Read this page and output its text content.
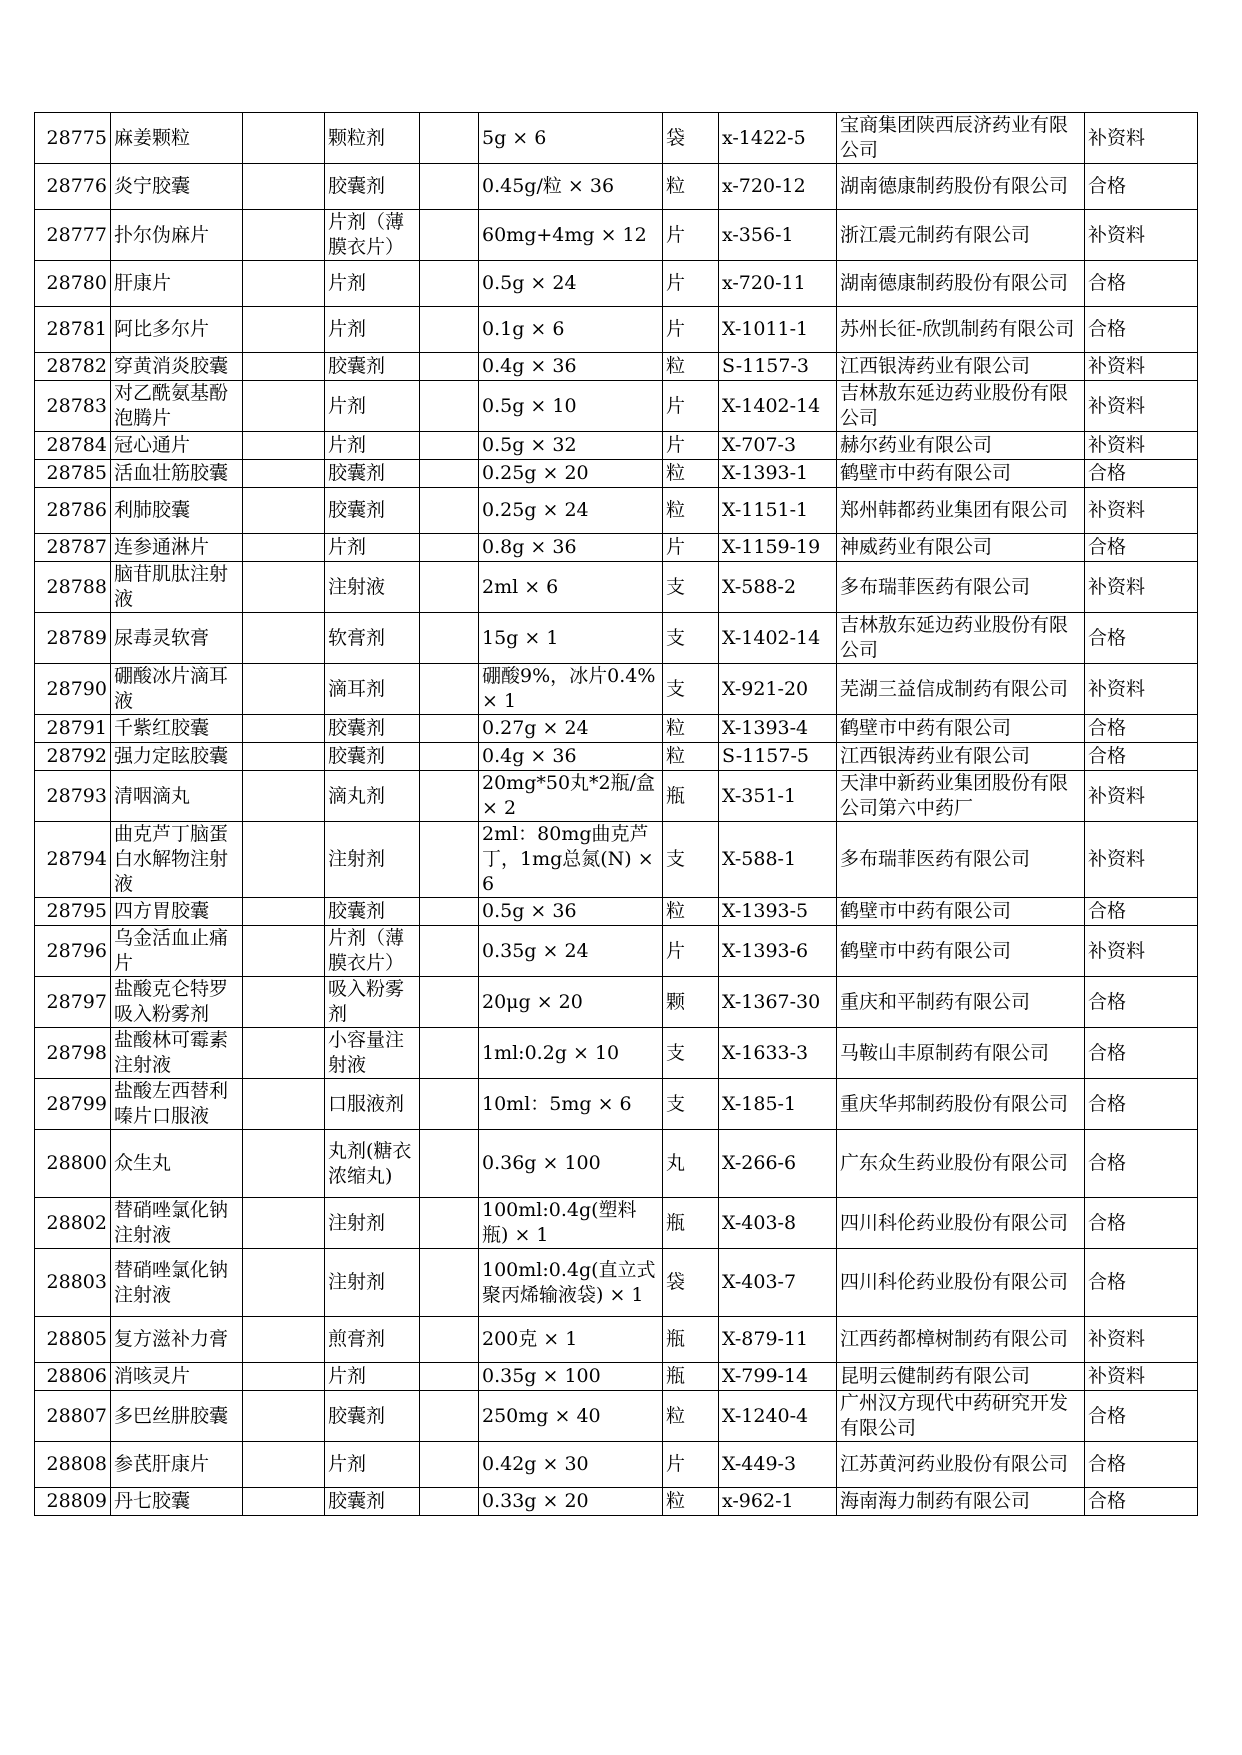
28775	麻姜颗粒		颗粒剂		5g × 6	袋	x-1422-5	宝商集团陕西辰济药业有限公司	补资料
28776	炎宁胶囊		胶囊剂		0.45g/粒 × 36	粒	x-720-12	湖南德康制药股份有限公司	合格
28777	扑尔伪麻片		片剂（薄膜衣片）		60mg+4mg × 12	片	x-356-1	浙江震元制药有限公司	补资料
28780	肝康片		片剂		0.5g × 24	片	x-720-11	湖南德康制药股份有限公司	合格
28781	阿比多尔片		片剂		0.1g × 6	片	X-1011-1	苏州长征-欣凯制药有限公司	合格
28782	穿黄消炎胶囊		胶囊剂		0.4g × 36	粒	S-1157-3	江西银涛药业有限公司	补资料
28783	对乙酰氨基酚泡腾片		片剂		0.5g × 10	片	X-1402-14	吉林敖东延边药业股份有限公司	补资料
28784	冠心通片		片剂		0.5g × 32	片	X-707-3	赫尔药业有限公司	补资料
28785	活血壮筋胶囊		胶囊剂		0.25g × 20	粒	X-1393-1	鹤壁市中药有限公司	合格
28786	利肺胶囊		胶囊剂		0.25g × 24	粒	X-1151-1	郑州韩都药业集团有限公司	补资料
28787	连参通淋片		片剂		0.8g × 36	片	X-1159-19	神威药业有限公司	合格
28788	脑苷肌肽注射液		注射液		2ml × 6	支	X-588-2	多布瑞菲医药有限公司	补资料
28789	尿毒灵软膏		软膏剂		15g × 1	支	X-1402-14	吉林敖东延边药业股份有限公司	合格
28790	硼酸冰片滴耳液		滴耳剂		硼酸9%，冰片0.4% × 1	支	X-921-20	芜湖三益信成制药有限公司	补资料
28791	千紫红胶囊		胶囊剂		0.27g × 24	粒	X-1393-4	鹤壁市中药有限公司	合格
28792	强力定眩胶囊		胶囊剂		0.4g × 36	粒	S-1157-5	江西银涛药业有限公司	合格
28793	清咽滴丸		滴丸剂		20mg*50丸*2瓶/盒 × 2	瓶	X-351-1	天津中新药业集团股份有限公司第六中药厂	补资料
28794	曲克芦丁脑蛋白水解物注射液		注射剂		2ml：80mg曲克芦丁，1mg总氮(N) × 6	支	X-588-1	多布瑞菲医药有限公司	补资料
28795	四方胃胶囊		胶囊剂		0.5g × 36	粒	X-1393-5	鹤壁市中药有限公司	合格
28796	乌金活血止痛片		片剂（薄膜衣片）		0.35g × 24	片	X-1393-6	鹤壁市中药有限公司	补资料
28797	盐酸克仑特罗吸入粉雾剂		吸入粉雾剂		20μg × 20	颗	X-1367-30	重庆和平制药有限公司	合格
28798	盐酸林可霉素注射液		小容量注射液		1ml:0.2g × 10	支	X-1633-3	马鞍山丰原制药有限公司	合格
28799	盐酸左西替利嗪片口服液		口服液剂		10ml：5mg × 6	支	X-185-1	重庆华邦制药股份有限公司	合格
28800	众生丸		丸剂(糖衣浓缩丸)		0.36g × 100	丸	X-266-6	广东众生药业股份有限公司	合格
28802	替硝唑氯化钠注射液		注射剂		100ml:0.4g(塑料瓶) × 1	瓶	X-403-8	四川科伦药业股份有限公司	合格
28803	替硝唑氯化钠注射液		注射剂		100ml:0.4g(直立式聚丙烯输液袋) × 1	袋	X-403-7	四川科伦药业股份有限公司	合格
28805	复方滋补力膏		煎膏剂		200克 × 1	瓶	X-879-11	江西药都樟树制药有限公司	补资料
28806	消咳灵片		片剂		0.35g × 100	瓶	X-799-14	昆明云健制药有限公司	补资料
28807	多巴丝肼胶囊		胶囊剂		250mg × 40	粒	X-1240-4	广州汉方现代中药研究开发有限公司	合格
28808	参芪肝康片		片剂		0.42g × 30	片	X-449-3	江苏黄河药业股份有限公司	合格
28809	丹七胶囊		胶囊剂		0.33g × 20	粒	x-962-1	海南海力制药有限公司	合格
